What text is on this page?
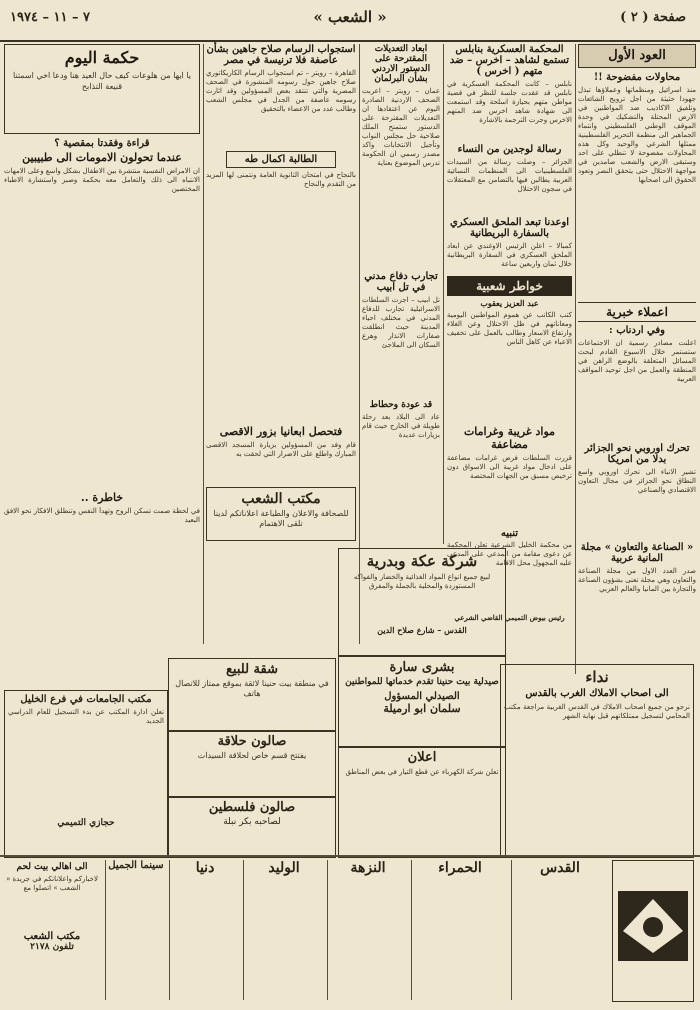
صفحة ( ٢ )
« الشعب »
٧ – ١١ – ١٩٧٤
العود الأول
محاولات مفضوحة !!
منذ اسرائيل ومنظماتها وعملاؤها تبذل جهودا حثيثة من اجل ترويج الشائعات وتلفيق الاكاذيب ضد المواطنين في الارض المحتلة والتشكيك في وحدة الموقف الوطني الفلسطيني وانتماء الجماهير الى منظمة التحرير الفلسطينية ممثلها الشرعي والوحيد وكل هذه المحاولات مفضوحة لا تنطلي على احد وستبقى الارض والشعب صامدين في مواجهة الاحتلال حتى يتحقق النصر وتعود الحقوق الى اصحابها
اعملاء خبرية
وفي اردناب :
اعلنت مصادر رسمية ان الاجتماعات ستستمر خلال الاسبوع القادم لبحث المسائل المتعلقة بالوضع الراهن في المنطقة والعمل من اجل توحيد المواقف العربية
تحرك اوروبي نحو الجزائر بدلا من امريكا
تشير الانباء الى تحرك اوروبي واسع النطاق نحو الجزائر في مجال التعاون الاقتصادي والصناعي
« الصناعة والتعاون » مجلة المانية عربية
صدر العدد الاول من مجلة الصناعة والتعاون وهي مجلة تعنى بشؤون الصناعة والتجارة بين المانيا والعالم العربي
المحكمة العسكرية بنابلس تستمع لشاهد – اخرس – ضد متهم ( اخرس )
نابلس – كانت المحكمة العسكرية في نابلس قد عقدت جلسة للنظر في قضية مواطن متهم بحيازة اسلحة وقد استمعت الى شهادة شاهد اخرس ضد المتهم الاخرس وجرت الترجمة بالاشارة
رسالة لوجدين من النساء
الجزائر – وصلت رسالة من السيدات الفلسطينيات الى المنظمات النسائية العربية يطالبن فيها بالتضامن مع المعتقلات في سجون الاحتلال
اوعدنا تبعد الملحق العسكري بالسفارة البريطانية
كمبالا – اعلن الرئيس الاوغندي عن ابعاد الملحق العسكري في السفارة البريطانية خلال ثمان واربعين ساعة
خواطر شعبية
عبد العزيز يعقوب
كتب الكاتب عن هموم المواطنين اليومية ومعاناتهم في ظل الاحتلال وعن الغلاء وارتفاع الاسعار وطالب بالعمل على تخفيف الاعباء عن كاهل الناس
مواد غريبة وغرامات مضاعفة
قررت السلطات فرض غرامات مضاعفة على ادخال مواد غريبة الى الاسواق دون ترخيص مسبق من الجهات المختصة
تنبيه
من محكمة الخليل الشرعية تعلن المحكمة عن دعوى مقامة من المدعي على المدعى عليه المجهول محل الاقامة
رئيس بيوض التميمي القاضي الشرعي
ابعاد التعديلات المقترحة على الدستور الاردني بشأن البرلمان
عمان – رويتر – اعربت الصحف الاردنية الصادرة اليوم عن اعتقادها ان التعديلات المقترحة على الدستور ستمنح الملك صلاحية حل مجلس النواب وتأجيل الانتخابات واكد مصدر رسمي ان الحكومة تدرس الموضوع بعناية
تجارب دفاع مدني في تل ابيب
تل ابيب – اجرت السلطات الاسرائيلية تجارب للدفاع المدني في مختلف احياء المدينة حيث انطلقت صفارات الانذار وهرع السكان الى الملاجئ
قد عودة وحطاط
عاد الى البلاد بعد رحلة طويلة في الخارج حيث قام بزيارات عديدة
استجواب الرسام صلاح جاهين بشأن عاصفة فلا ترنيسة في مصر
القاهرة – رويتر – تم استجواب الرسام الكاريكاتوري صلاح جاهين حول رسومه المنشورة في الصحف المصرية والتي تنتقد بعض المسؤولين وقد اثارت رسومه عاصفة من الجدل في مجلس الشعب وطالب عدد من الاعضاء بالتحقيق
الطالبة اكمال طه
بالنجاح في امتحان الثانوية العامة ونتمنى لها المزيد من التقدم والنجاح
فتحصل ابعانيا بزور الاقصى
قام وفد من المسؤولين بزيارة المسجد الاقصى المبارك واطلع على الاضرار التي لحقت به
مكتب الشعب
للصحافة والاعلان والطباعة اعلاناتكم لدينا تلقى الاهتمام
حكمة اليوم
يا ايها من هلوعات كيف حال العيد هنا ودعا اخي اسمتنا قنيعة التذابح
قراءة وفقدتا بمقصية ؟
عندما تحولون الامومات الى طبيبين
ان الامراض النفسية منتشرة بين الاطفال بشكل واسع وعلى الامهات الانتباه الى ذلك والتعامل معه بحكمة وصبر واستشارة الاطباء المختصين
خاطرة ..
في لحظة صمت تسكن الروح وتهدأ النفس وتنطلق الافكار نحو الافق البعيد
شركة عكة وبدرية
لبيع جميع انواع المواد الغذائية والخضار والفواكه المستوردة والمحلية بالجملة والمفرق
القدس – شارع صلاح الدين
شقة للبيع
في منطقة بيت حنينا لائقة بموقع ممتاز للاتصال هاتف
بشرى سارة
صيدلية بيت حنينا تقدم خدماتها للمواطنين
الصيدلي المسؤول
سلمان ابو ارميلة
صالون حلاقة
يفتتح قسم خاص لحلاقة السيدات
صالون فلسطين
لصاحبه بكر نبلة
نداء
الى اصحاب الاملاك الغرب بالقدس
نرجو من جميع اصحاب الاملاك في القدس الغربية مراجعة مكتب المحامي لتسجيل ممتلكاتهم قبل نهاية الشهر
اعلان
تعلن شركة الكهرباء عن قطع التيار في بعض المناطق
مكتب الجامعات في فرع الخليل
تعلن ادارة المكتب عن بدء التسجيل للعام الدراسي الجديد
حجازي التميمي
القدس
الحمراء
النزهة
الوليد
دنيا
سينما الجميل
الى اهالي بيت لحم
لاخباركم واعلاناتكم في جريدة « الشعب » اتصلوا مع
مكتب الشعب
تلفون ٢١٧٨
